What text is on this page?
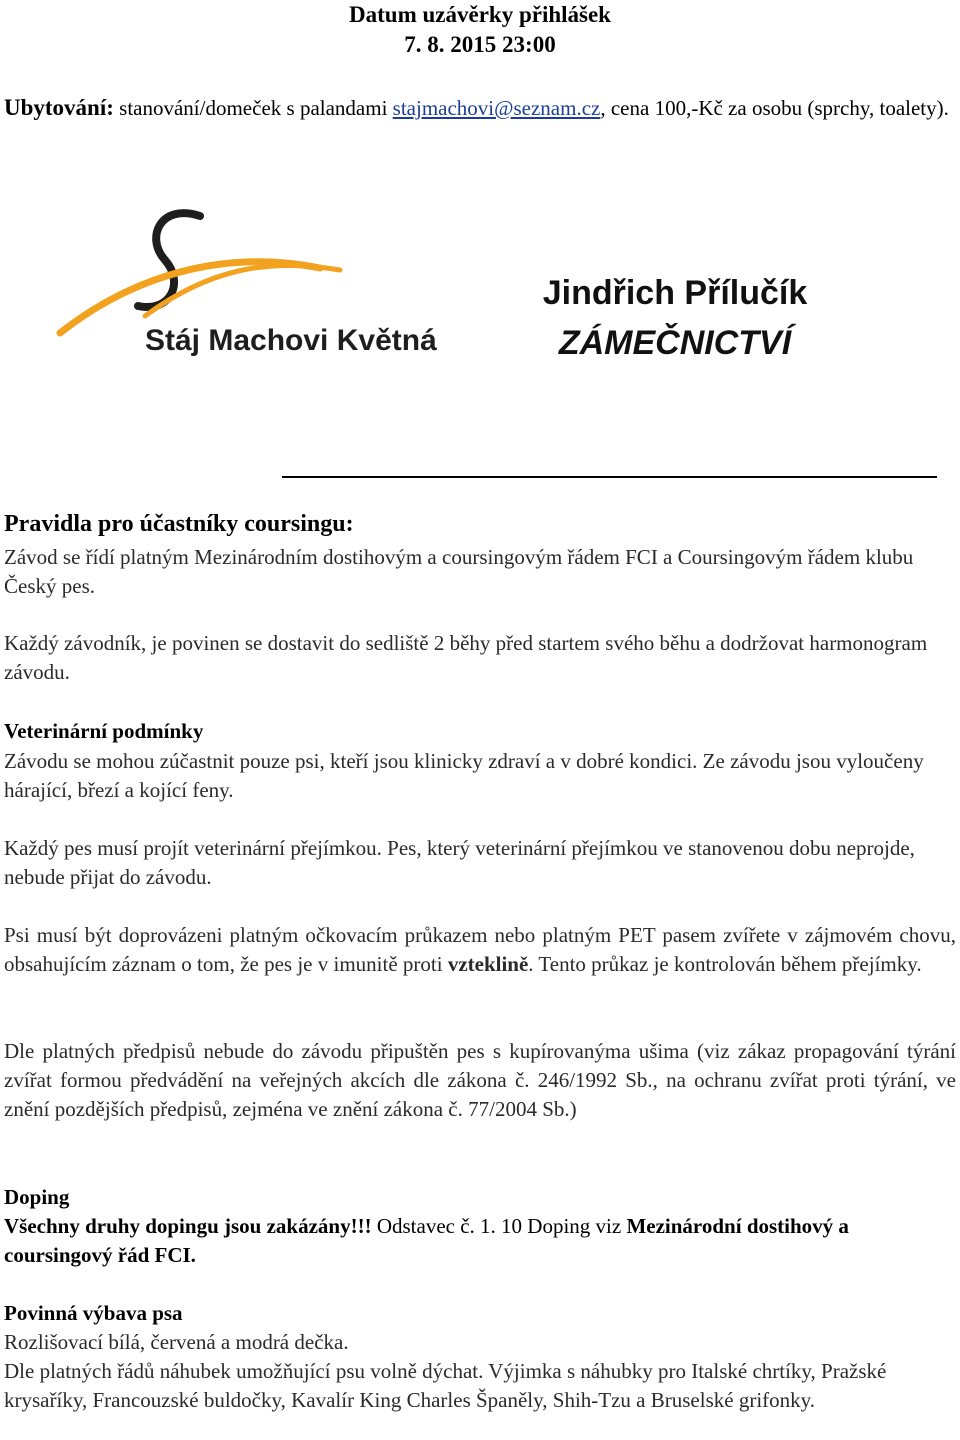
Datum uzávěrky přihlášek
7. 8. 2015 23:00
Ubytování: stanování/domeček s palandami stajmachovi@seznam.cz, cena 100,-Kč za osobu (sprchy, toalety).
Stáj Machovi Květná
Jindřich Přílučík
ZÁMEČNICTVÍ
Pravidla pro účastníky coursingu:
Závod se řídí platným Mezinárodním dostihovým a coursingovým řádem FCI a Coursingovým řádem klubu Český pes.
Každý závodník, je povinen se dostavit do sedliště 2 běhy před startem svého běhu a dodržovat harmonogram závodu.
Veterinární podmínky
Závodu se mohou zúčastnit pouze psi, kteří jsou klinicky zdraví a v dobré kondici. Ze závodu jsou vyloučeny hárající, březí a kojící feny.
Každý pes musí projít veterinární přejímkou. Pes, který veterinární přejímkou ve stanovenou dobu neprojde, nebude přijat do závodu.
Psi musí být doprovázeni platným očkovacím průkazem nebo platným PET pasem zvířete v zájmovém chovu, obsahujícím záznam o tom, že pes je v imunitě proti vzteklině. Tento průkaz je kontrolován během přejímky.
Dle platných předpisů nebude do závodu připuštěn pes s kupírovanýma ušima (viz zákaz propagování týrání zvířat formou předvádění na veřejných akcích dle zákona č. 246/1992 Sb., na ochranu zvířat proti týrání, ve znění pozdějších předpisů, zejména ve znění zákona č. 77/2004 Sb.)
Doping
Všechny druhy dopingu jsou zakázány!!! Odstavec č. 1. 10 Doping viz Mezinárodní dostihový a coursingový řád FCI.
Povinná výbava psa
Rozlišovací bílá, červená a modrá dečka.
Dle platných řádů náhubek umožňující psu volně dýchat. Výjimka s náhubky pro Italské chrtíky, Pražské krysaříky, Francouzské buldočky, Kavalír King Charles Španěly, Shih-Tzu a Bruselské grifonky.
